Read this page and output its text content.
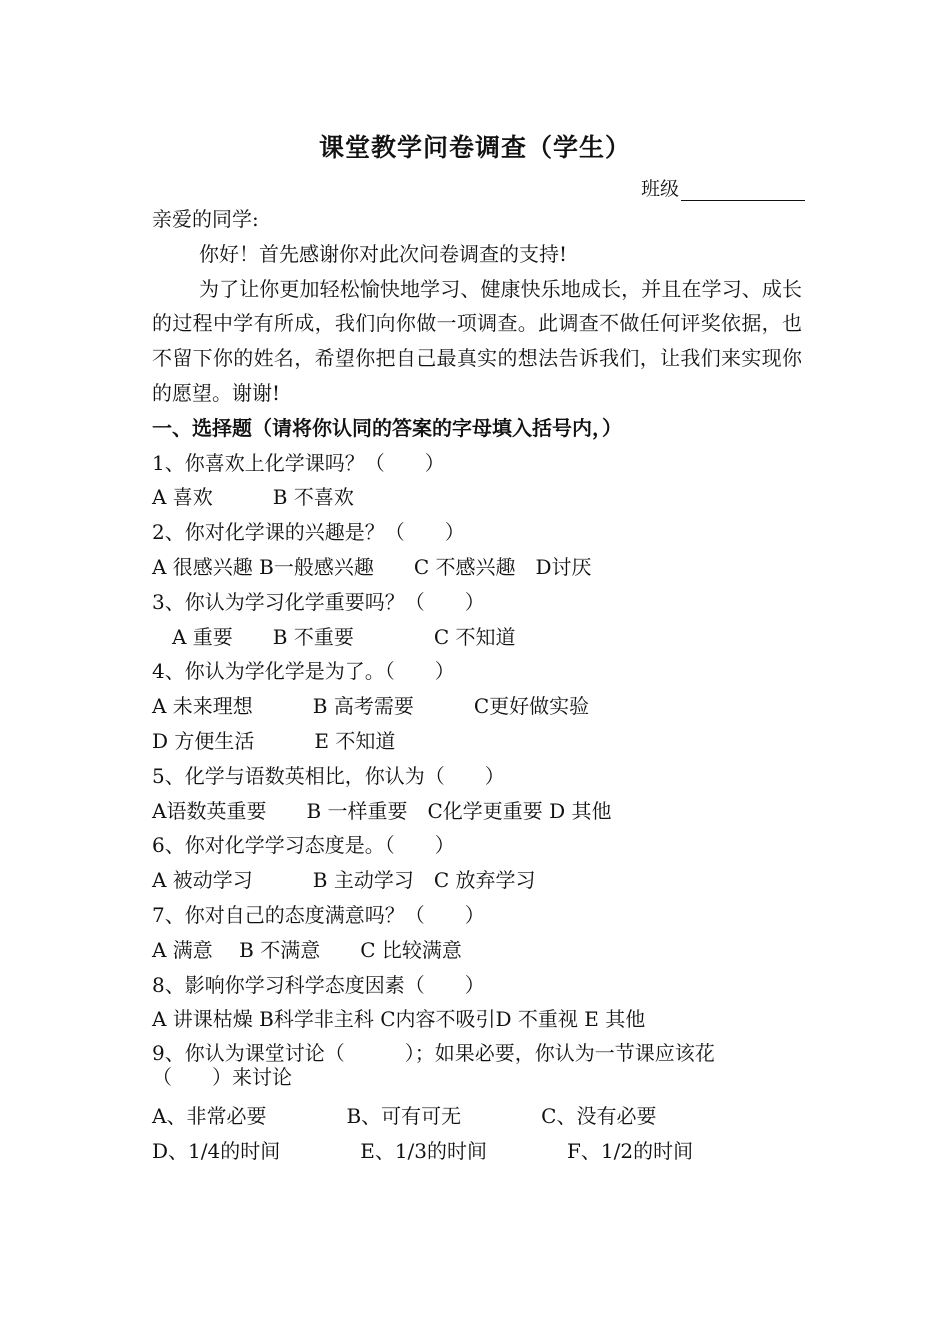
课堂教学问卷调查（学生）
班级
亲爱的同学:
你好！首先感谢你对此次问卷调查的支持!
为了让你更加轻松愉快地学习、健康快乐地成长，并且在学习、成长的过程中学有所成，我们向你做一项调查。此调查不做任何评奖依据，也不留下你的姓名，希望你把自己最真实的想法告诉我们，让我们来实现你的愿望。谢谢!
一、选择题（请将你认同的答案的字母填入括号内，）
1、你喜欢上化学课吗？（　　）
A 喜欢　　　B 不喜欢
2、你对化学课的兴趣是？（　　）
A 很感兴趣 B一般感兴趣　　C 不感兴趣　D讨厌
3、你认为学习化学重要吗？（　　）
　A 重要　　B 不重要　　　　C 不知道
4、你认为学化学是为了。（　　）
A 未来理想　　　B 高考需要　　　C更好做实验
D 方便生活　　　E 不知道
5、化学与语数英相比，你认为（　　）
A语数英重要　　B 一样重要　C化学更重要 D 其他
6、你对化学学习态度是。（　　）
A 被动学习　　　B 主动学习　C 放弃学习
7、你对自己的态度满意吗？（　　）
A 满意　 B 不满意　　C 比较满意
8、影响你学习科学态度因素（　　）
A 讲课枯燥 B科学非主科 C内容不吸引D 不重视 E 其他
9、你认为课堂讨论（　　　）；如果必要，你认为一节课应该花（　　）来讨论
A、非常必要　　　　B、可有可无　　　　C、没有必要
D、1/4的时间　　　　E、1/3的时间　　　　F、1/2的时间
